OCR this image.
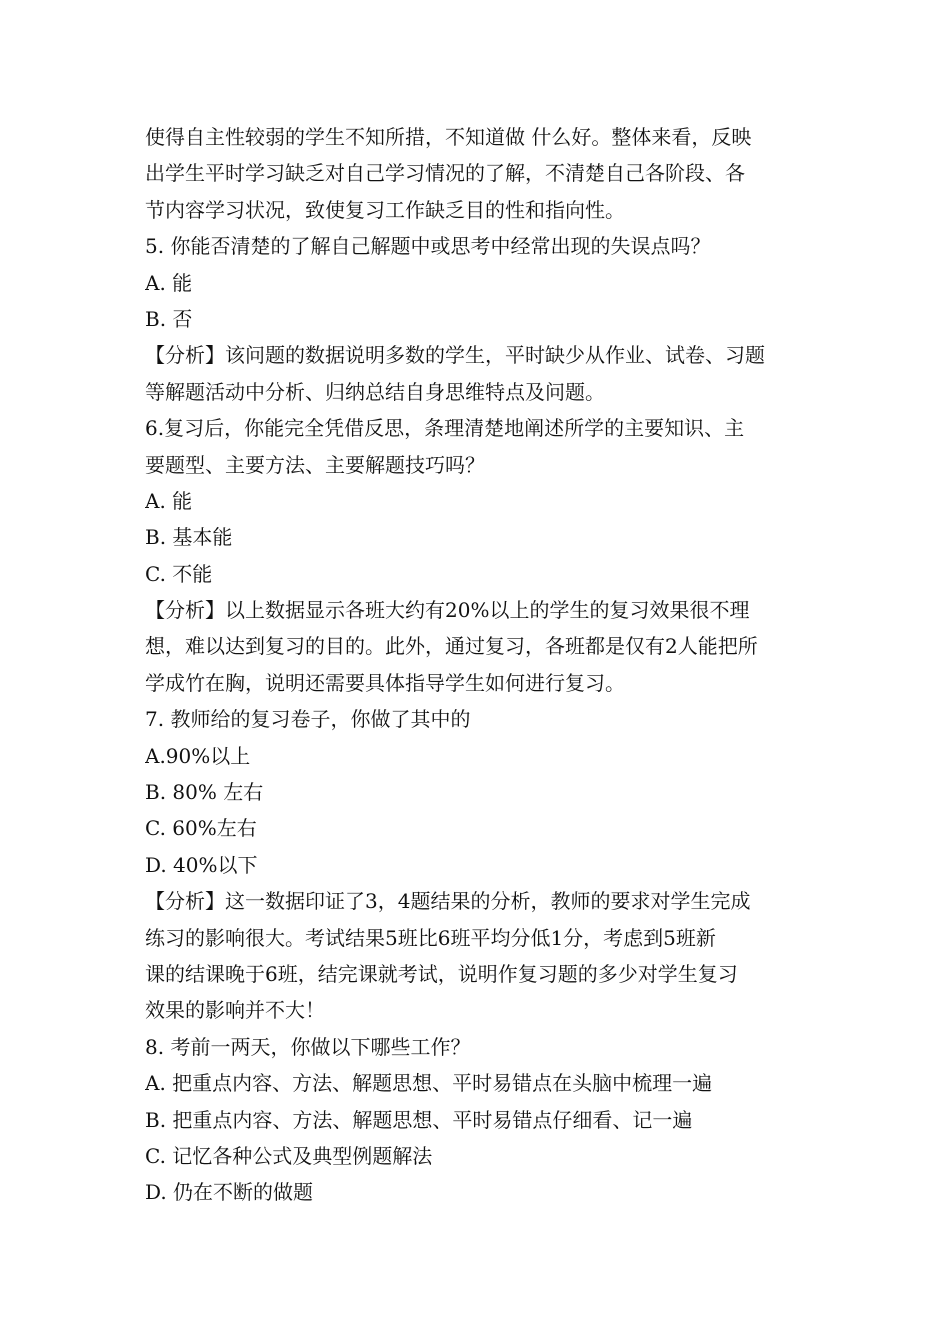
使得自主性较弱的学生不知所措，不知道做 什么好。整体来看，反映
出学生平时学习缺乏对自己学习情况的了解，不清楚自己各阶段、各
节内容学习状况，致使复习工作缺乏目的性和指向性。
5. 你能否清楚的了解自己解题中或思考中经常出现的失误点吗？
A. 能
B. 否
【分析】该问题的数据说明多数的学生，平时缺少从作业、试卷、习题
等解题活动中分析、归纳总结自身思维特点及问题。
6.复习后，你能完全凭借反思，条理清楚地阐述所学的主要知识、主
要题型、主要方法、主要解题技巧吗？
A. 能
B. 基本能
C. 不能
【分析】以上数据显示各班大约有20%以上的学生的复习效果很不理
想，难以达到复习的目的。此外，通过复习，各班都是仅有2人能把所
学成竹在胸，说明还需要具体指导学生如何进行复习。
7. 教师给的复习卷子，你做了其中的
A.90%以上
B. 80% 左右
C. 60%左右
D. 40%以下
【分析】这一数据印证了3，4题结果的分析，教师的要求对学生完成
练习的影响很大。考试结果5班比6班平均分低1分，考虑到5班新
课的结课晚于6班，结完课就考试，说明作复习题的多少对学生复习
效果的影响并不大！
8. 考前一两天，你做以下哪些工作？
A. 把重点内容、方法、解题思想、平时易错点在头脑中梳理一遍
B. 把重点内容、方法、解题思想、平时易错点仔细看、记一遍
C. 记忆各种公式及典型例题解法
D. 仍在不断的做题
